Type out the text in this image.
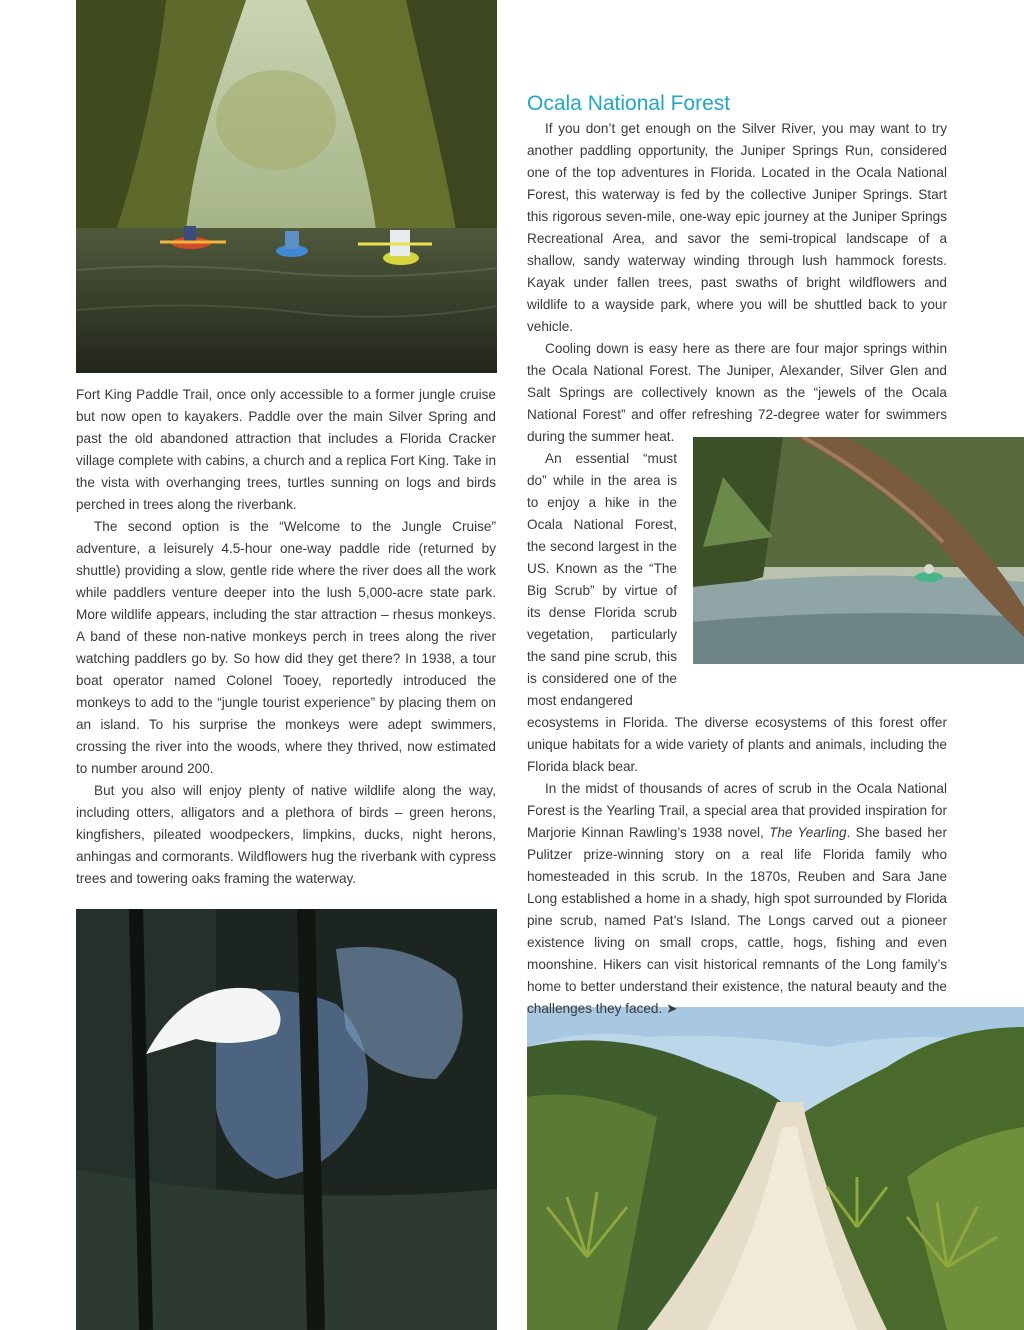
Fort King Paddle Trail, once only accessible to a former jungle cruise but now open to kayakers. Paddle over the main Silver Spring and past the old abandoned attraction that includes a Florida Cracker village complete with cabins, a church and a replica Fort King. Take in the vista with overhanging trees, turtles sunning on logs and birds perched in trees along the riverbank.

The second option is the “Welcome to the Jungle Cruise” adventure, a leisurely 4.5-hour one-way paddle ride (returned by shuttle) providing a slow, gentle ride where the river does all the work while paddlers venture deeper into the lush 5,000-acre state park. More wildlife appears, including the star attraction – rhesus monkeys. A band of these non-native monkeys perch in trees along the river watching paddlers go by. So how did they get there? In 1938, a tour boat operator named Colonel Tooey, reportedly introduced the monkeys to add to the “jungle tourist experience” by placing them on an island. To his surprise the monkeys were adept swimmers, crossing the river into the woods, where they thrived, now estimated to number around 200.

But you also will enjoy plenty of native wildlife along the way, including otters, alligators and a plethora of birds – green herons, kingfishers, pileated woodpeckers, limpkins, ducks, night herons, anhingas and cormorants. Wildflowers hug the riverbank with cypress trees and towering oaks framing the waterway.

Ocala National Forest

If you don’t get enough on the Silver River, you may want to try another paddling opportunity, the Juniper Springs Run, considered one of the top adventures in Florida. Located in the Ocala National Forest, this waterway is fed by the collective Juniper Springs. Start this rigorous seven-mile, one-way epic journey at the Juniper Springs Recreational Area, and savor the semi-tropical landscape of a shallow, sandy waterway winding through lush hammock forests. Kayak under fallen trees, past swaths of bright wildflowers and wildlife to a wayside park, where you will be shuttled back to your vehicle.

Cooling down is easy here as there are four major springs within the Ocala National Forest. The Juniper, Alexander, Silver Glen and Salt Springs are collectively known as the “jewels of the Ocala National Forest” and offer refreshing 72-degree water for swimmers during the summer heat.

An essential “must do” while in the area is to enjoy a hike in the Ocala National Forest, the second largest in the US. Known as the “The Big Scrub” by virtue of its dense Florida scrub vegetation, particularly the sand pine scrub, this is considered one of the most endangered

ecosystems in Florida. The diverse ecosystems of this forest offer unique habitats for a wide variety of plants and animals, including the Florida black bear.

In the midst of thousands of acres of scrub in the Ocala National Forest is the Yearling Trail, a special area that provided inspiration for Marjorie Kinnan Rawling’s 1938 novel, The Yearling. She based her Pulitzer prize-winning story on a real life Florida family who homesteaded in this scrub. In the 1870s, Reuben and Sara Jane Long established a home in a shady, high spot surrounded by Florida pine scrub, named Pat’s Island. The Longs carved out a pioneer existence living on small crops, cattle, hogs, fishing and even moonshine. Hikers can visit historical remnants of the Long family’s home to better understand their existence, the natural beauty and the challenges they faced. ➤
